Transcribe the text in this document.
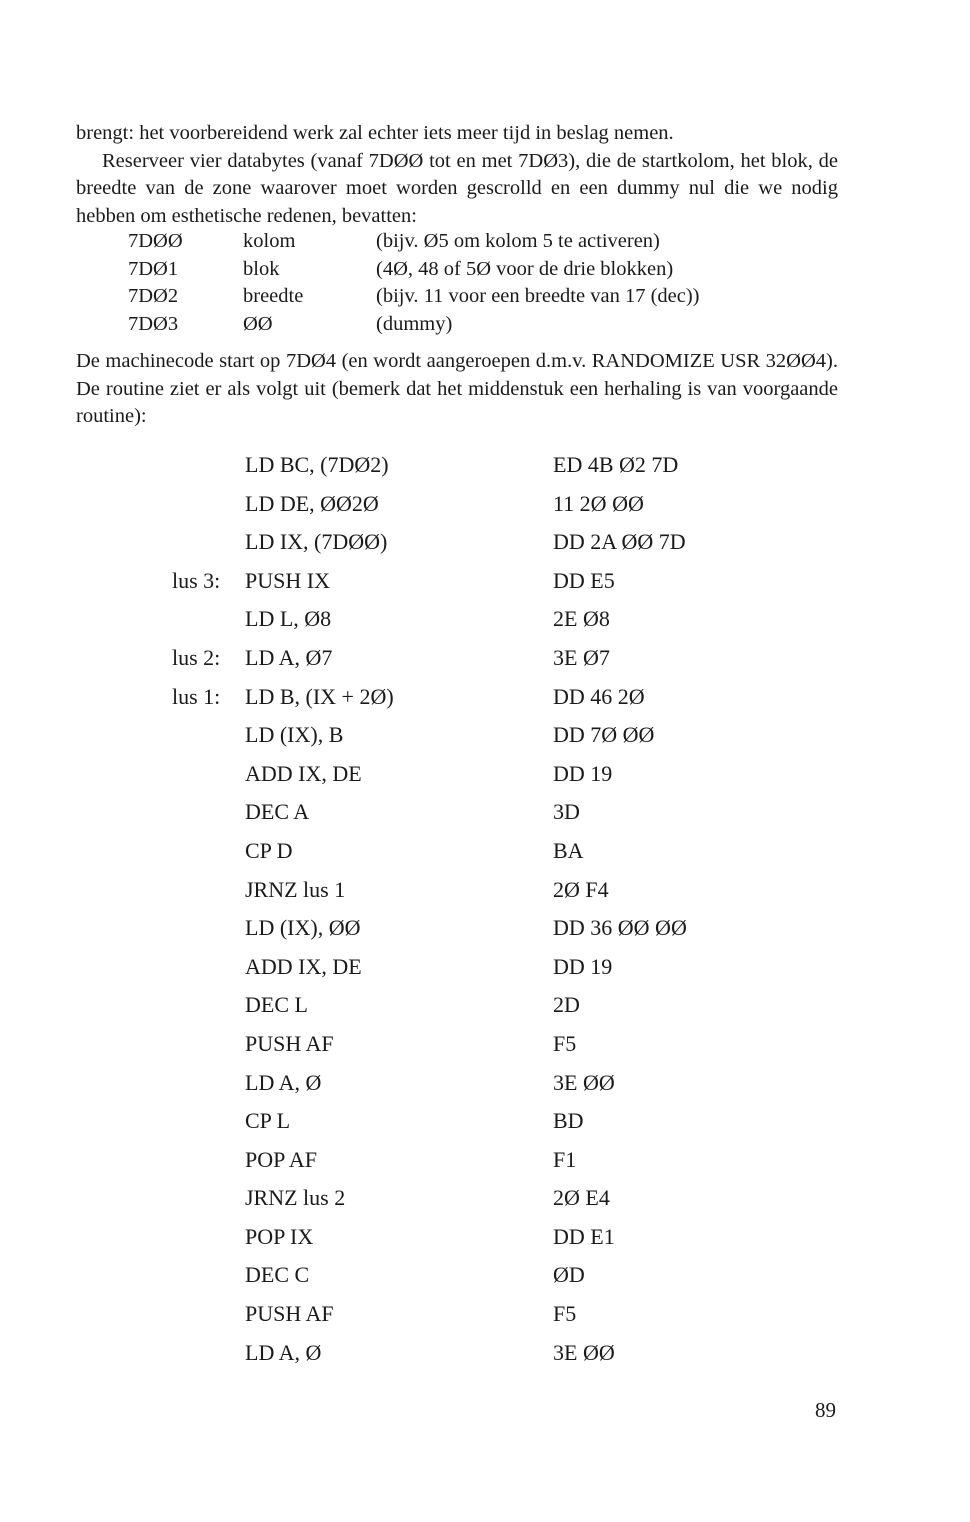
brengt: het voorbereidend werk zal echter iets meer tijd in beslag nemen.
Reserveer vier databytes (vanaf 7DØØ tot en met 7DØ3), die de startkolom, het blok, de breedte van de zone waarover moet worden gescrolld en een dummy nul die we nodig hebben om esthetische redenen, bevatten:
7DØØ	kolom	(bijv. Ø5 om kolom 5 te activeren)
7DØ1	blok	(4Ø, 48 of 5Ø voor de drie blokken)
7DØ2	breedte	(bijv. 11 voor een breedte van 17 (dec))
7DØ3	ØØ	(dummy)

De machinecode start op 7DØ4 (en wordt aangeroepen d.m.v. RANDOMIZE USR 32ØØ4). De routine ziet er als volgt uit (bemerk dat het middenstuk een herhaling is van voorgaande routine):

LD BC, (7DØ2)	ED 4B Ø2 7D
LD DE, ØØ2Ø	11 2Ø ØØ
LD IX, (7DØØ)	DD 2A ØØ 7D
lus 3: PUSH IX	DD E5
LD L, Ø8	2E Ø8
lus 2: LD A, Ø7	3E Ø7
lus 1: LD B, (IX + 2Ø)	DD 46 2Ø
LD (IX), B	DD 7Ø ØØ
ADD IX, DE	DD 19
DEC A	3D
CP D	BA
JRNZ lus 1	2Ø F4
LD (IX), ØØ	DD 36 ØØ ØØ
ADD IX, DE	DD 19
DEC L	2D
PUSH AF	F5
LD A, Ø	3E ØØ
CP L	BD
POP AF	F1
JRNZ lus 2	2Ø E4
POP IX	DD E1
DEC C	ØD
PUSH AF	F5
LD A, Ø	3E ØØ
89
